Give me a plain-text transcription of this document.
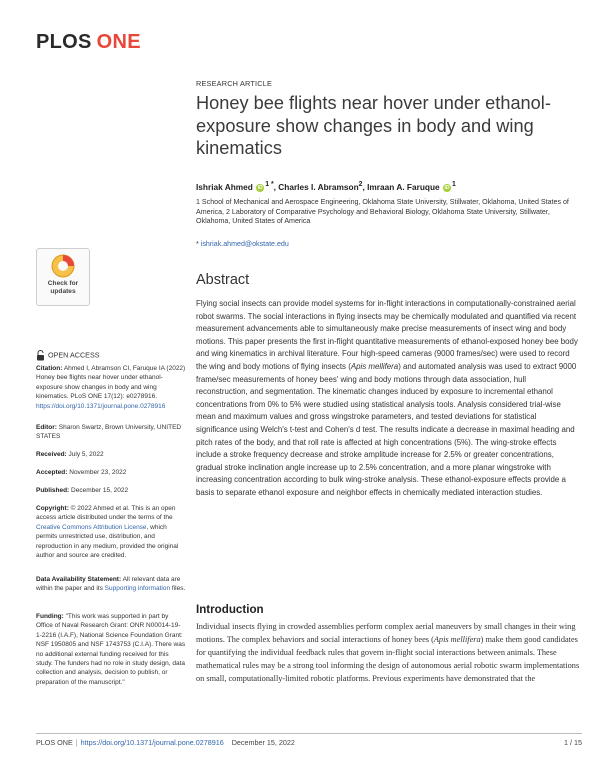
PLOS ONE
RESEARCH ARTICLE
Honey bee flights near hover under ethanol-exposure show changes in body and wing kinematics
Ishriak Ahmed iD $^{1 *}$, Charles I. Abramson$^2$, Imraan A. Faruque iD $^1$
1 School of Mechanical and Aerospace Engineering, Oklahoma State University, Stillwater, Oklahoma, United States of America, 2 Laboratory of Comparative Psychology and Behavioral Biology, Oklahoma State University, Stillwater, Oklahoma, United States of America
* ishriak.ahmed@okstate.edu
Check for
updates
Abstract
Flying social insects can provide model systems for in-flight interactions in computationally-constrained aerial robot swarms. The social interactions in flying insects may be chemically modulated and quantified via recent measurement advancements able to simultaneously make precise measurements of insect wing and body motions. This paper presents the first in-flight quantitative measurements of ethanol-exposed honey bee body and wing kinematics in archival literature. Four high-speed cameras (9000 frames/sec) were used to record the wing and body motions of flying insects (Apis mellifera) and automated analysis was used to extract 9000 frame/sec measurements of honey bees' wing and body motions through data association, hull reconstruction, and segmentation. The kinematic changes induced by exposure to incremental ethanol concentrations from 0% to 5% were studied using statistical analysis tools. Analysis considered trial-wise mean and maximum values and gross wingstroke parameters, and tested deviations for statistical significance using Welch's t-test and Cohen's d test. The results indicate a decrease in maximal heading and pitch rates of the body, and that roll rate is affected at high concentrations (5%). The wing-stroke effects include a stroke frequency decrease and stroke amplitude increase for 2.5% or greater concentrations, gradual stroke inclination angle increase up to 2.5% concentration, and a more planar wingstroke with increasing concentration according to bulk wing-stroke analysis. These ethanol-exposure effects provide a basis to separate ethanol exposure and neighbor effects in chemically mediated interaction studies.
OPEN ACCESS
Citation: Ahmed I, Abramson CI, Faruque IA (2022) Honey bee flights near hover under ethanol-exposure show changes in body and wing kinematics. PLoS ONE 17(12): e0278916. https://doi.org/10.1371/journal.pone.0278916
Editor: Sharon Swartz, Brown University, UNITED STATES
Received: July 5, 2022
Accepted: November 23, 2022
Published: December 15, 2022
Copyright: © 2022 Ahmed et al. This is an open access article distributed under the terms of the Creative Commons Attribution License, which permits unrestricted use, distribution, and reproduction in any medium, provided the original author and source are credited.
Data Availability Statement: All relevant data are within the paper and its Supporting information files.
Funding: "This work was supported in part by Office of Naval Research Grant: ONR N00014-19-1-2216 (I.A.F), National Science Foundation Grant: NSF 1950805 and NSF 1743753 (C.I.A). There was no additional external funding received for this study. The funders had no role in study design, data collection and analysis, decision to publish, or preparation of the manuscript."
Introduction
Individual insects flying in crowded assemblies perform complex aerial maneuvers by small changes in their wing motions. The complex behaviors and social interactions of honey bees (Apis mellifera) make them good candidates for quantifying the individual feedback rules that govern in-flight social interactions between animals. These mathematical rules may be a strong tool informing the design of autonomous aerial robotic swarm implementations on small, computationally-limited robotic platforms. Previous experiments have demonstrated that the
PLOS ONE | https://doi.org/10.1371/journal.pone.0278916 December 15, 2022	1 / 15
